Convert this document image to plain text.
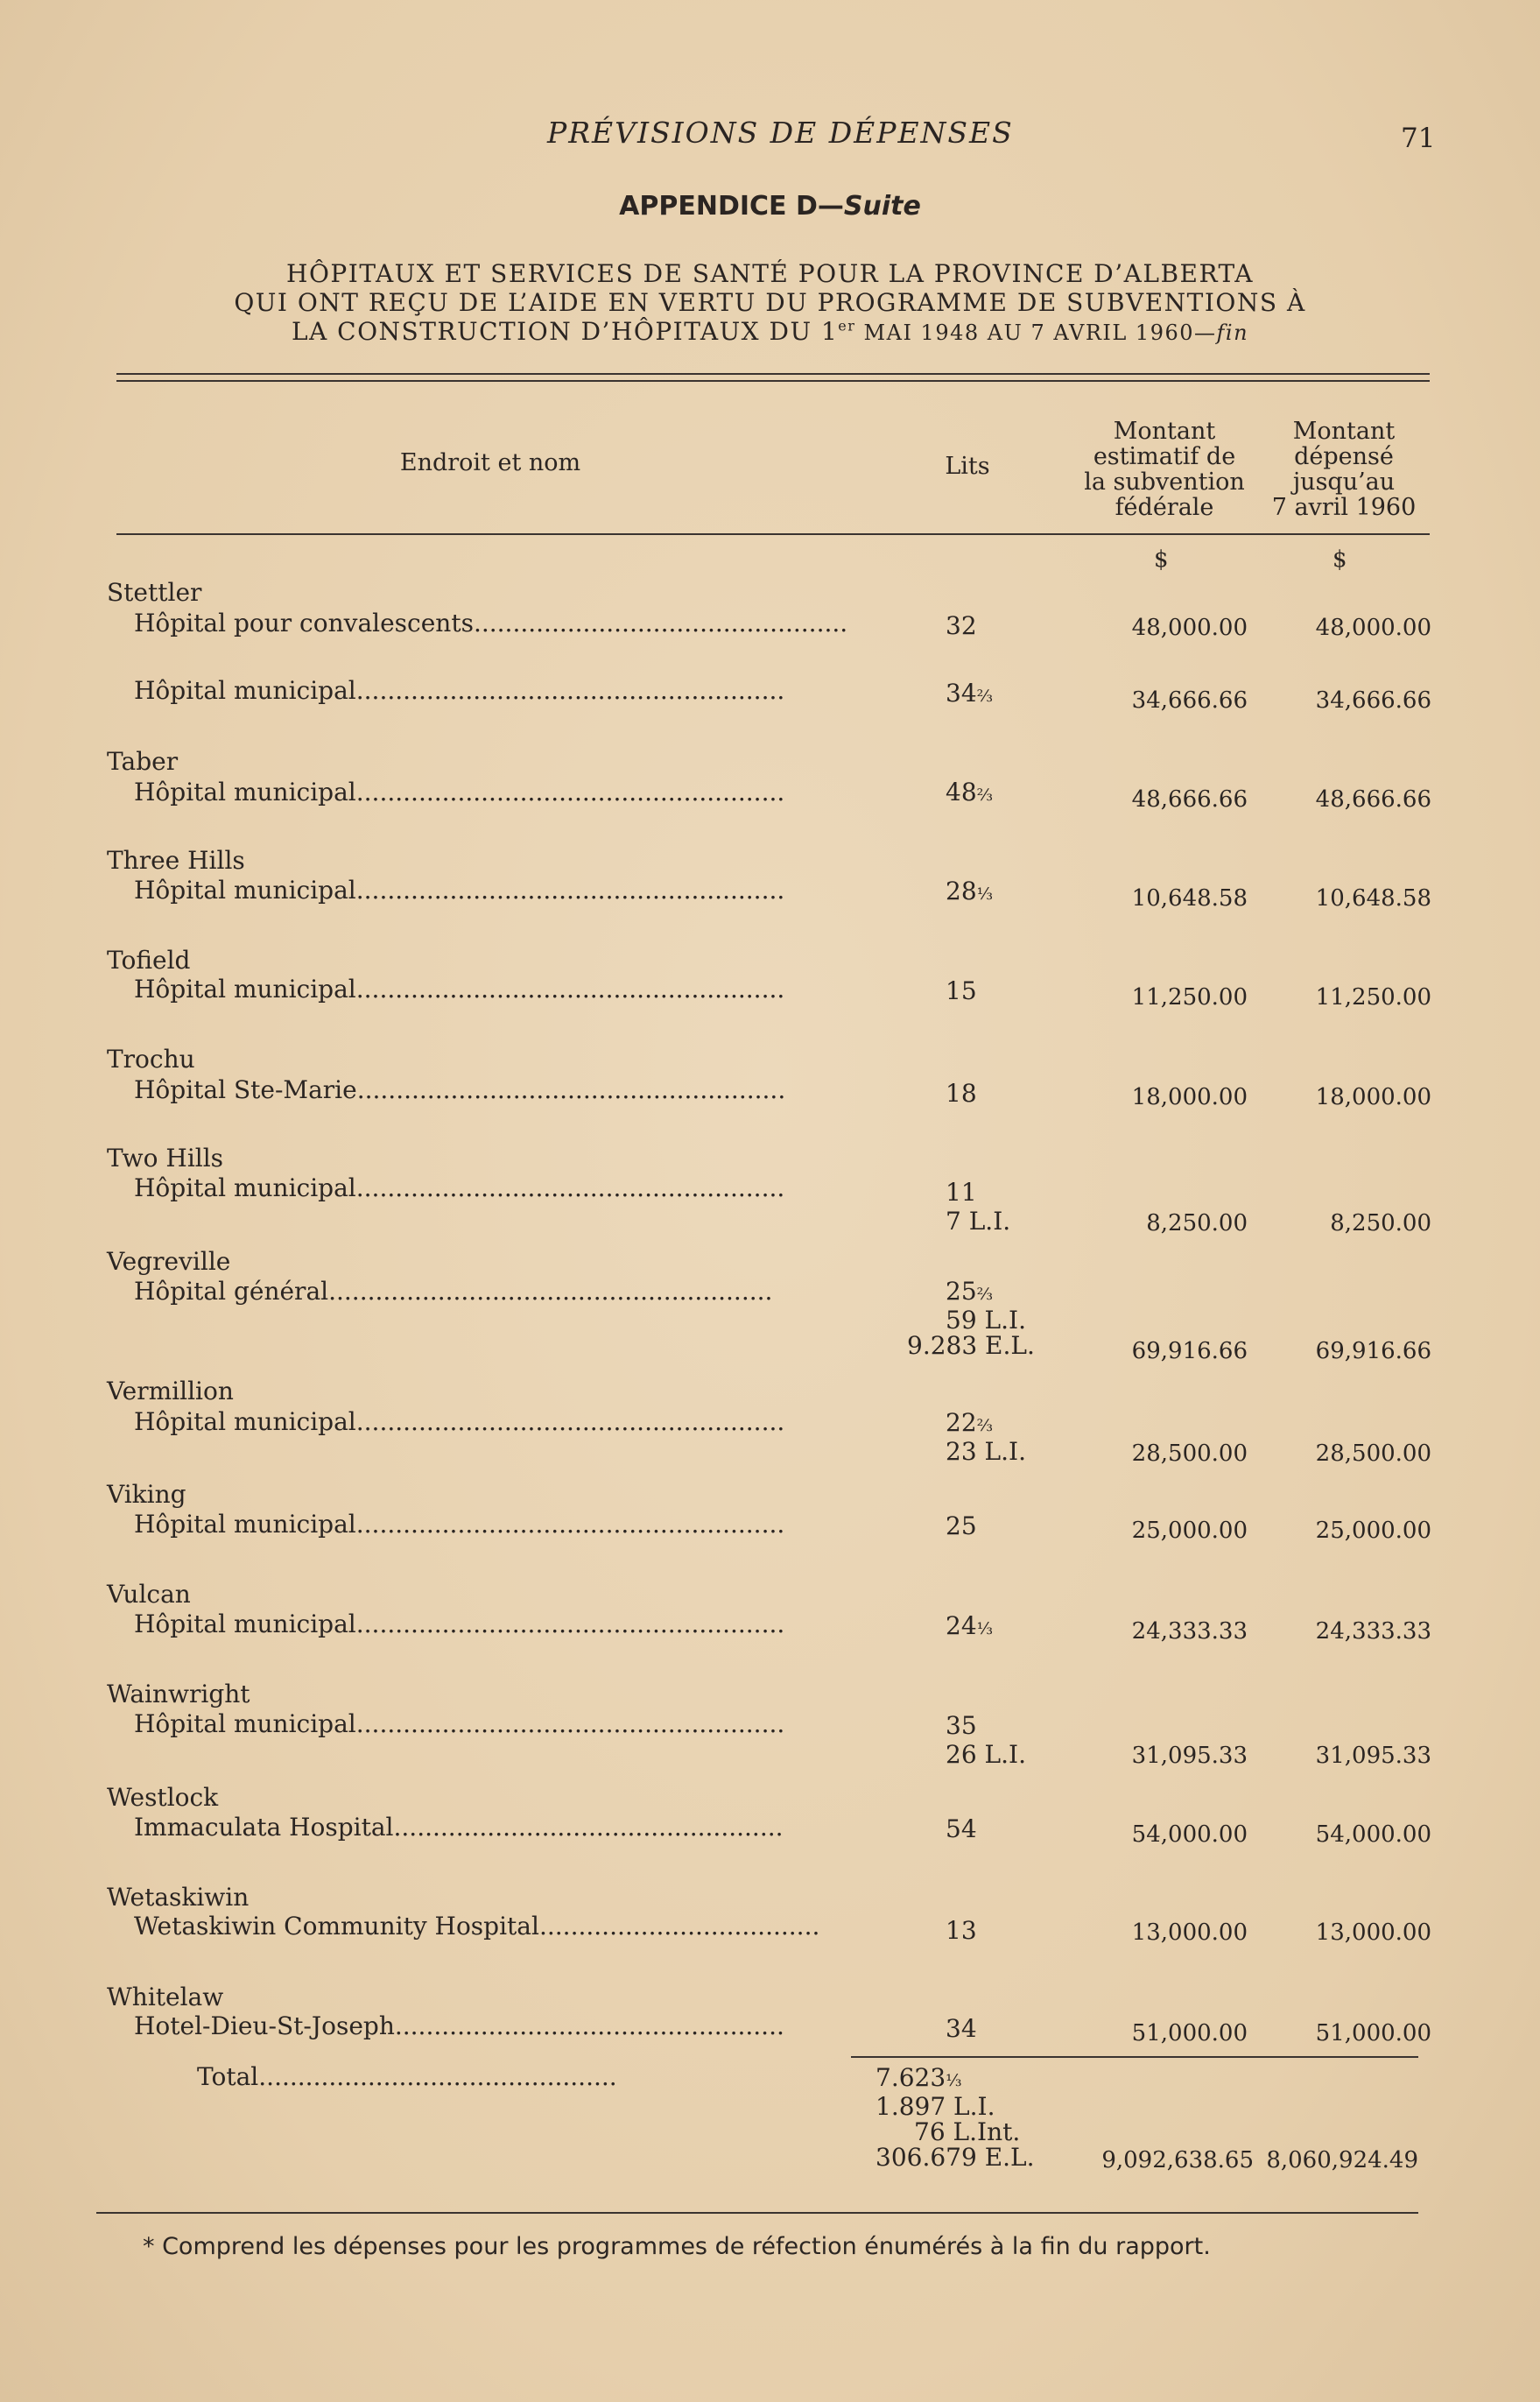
PRÉVISIONS DE DÉPENSES	71
APPENDICE D—Suite
HÔPITAUX ET SERVICES DE SANTÉ POUR LA PROVINCE D’ALBERTA
QUI ONT REÇU DE L’AIDE EN VERTU DU PROGRAMME DE SUBVENTIONS À
LA CONSTRUCTION D’HÔPITAUX DU 1er MAI 1948 AU 7 AVRIL 1960—fin
Endroit et nom	Lits
Montant
estimatif de
la subvention
fédérale
Montant
dépensé
jusqu’au
7 avril 1960
$	$
Stettler
Hôpital pour convalescents................................................	32	48,000.00	48,000.00
Hôpital municipal.......................................................	34⅔	34,666.66	34,666.66
Taber
Hôpital municipal.......................................................	48⅔	48,666.66	48,666.66
Three Hills
Hôpital municipal.......................................................	28⅓	10,648.58	10,648.58
Tofield
Hôpital municipal.......................................................	15	11,250.00	11,250.00
Trochu
Hôpital Ste-Marie.......................................................	18	18,000.00	18,000.00
Two Hills
Hôpital municipal.......................................................	11
7 L.I.	8,250.00	8,250.00
Vegreville
Hôpital général.........................................................	25⅔
59 L.I.
9.283 E.L.	69,916.66	69,916.66
Vermillion
Hôpital municipal.......................................................	22⅔
23 L.I.	28,500.00	28,500.00
Viking
Hôpital municipal.......................................................	25	25,000.00	25,000.00
Vulcan
Hôpital municipal.......................................................	24⅓	24,333.33	24,333.33
Wainwright
Hôpital municipal.......................................................	35
26 L.I.	31,095.33	31,095.33
Westlock
Immaculata Hospital..................................................	54	54,000.00	54,000.00
Wetaskiwin
Wetaskiwin Community Hospital....................................	13	13,000.00	13,000.00
Whitelaw
Hotel-Dieu-St-Joseph..................................................	34	51,000.00	51,000.00
Total..............................................	7.623⅓
1.897 L.I.
76 L.Int.
306.679 E.L.	9,092,638.65 8,060,924.49
* Comprend les dépenses pour les programmes de réfection énumérés à la fin du rapport.
